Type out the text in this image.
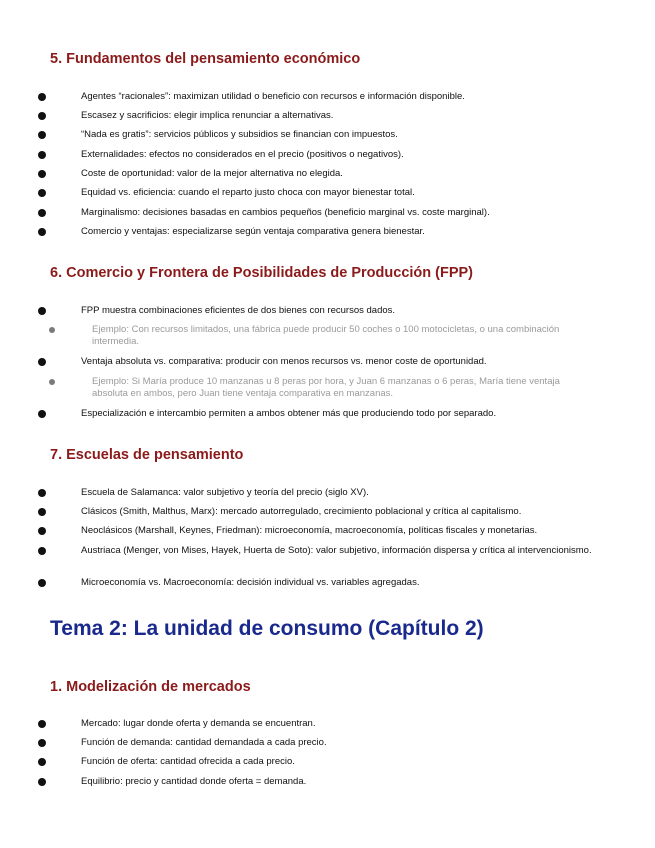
5. Fundamentos del pensamiento económico
Agentes “racionales”: maximizan utilidad o beneficio con recursos e información disponible.
Escasez y sacrificios: elegir implica renunciar a alternativas.
“Nada es gratis”: servicios públicos y subsidios se financian con impuestos.
Externalidades: efectos no considerados en el precio (positivos o negativos).
Coste de oportunidad: valor de la mejor alternativa no elegida.
Equidad vs. eficiencia: cuando el reparto justo choca con mayor bienestar total.
Marginalismo: decisiones basadas en cambios pequeños (beneficio marginal vs. coste marginal).
Comercio y ventajas: especializarse según ventaja comparativa genera bienestar.
6. Comercio y Frontera de Posibilidades de Producción (FPP)
FPP muestra combinaciones eficientes de dos bienes con recursos dados.
Ejemplo: Con recursos limitados, una fábrica puede producir 50 coches o 100 motocicletas, o una combinación intermedia.
Ventaja absoluta vs. comparativa: producir con menos recursos vs. menor coste de oportunidad.
Ejemplo: Si María produce 10 manzanas u 8 peras por hora, y Juan 6 manzanas o 6 peras, María tiene ventaja absoluta en ambos, pero Juan tiene ventaja comparativa en manzanas.
Especialización e intercambio permiten a ambos obtener más que produciendo todo por separado.
7. Escuelas de pensamiento
Escuela de Salamanca: valor subjetivo y teoría del precio (siglo XV).
Clásicos (Smith, Malthus, Marx): mercado autorregulado, crecimiento poblacional y crítica al capitalismo.
Neoclásicos (Marshall, Keynes, Friedman): microeconomía, macroeconomía, políticas fiscales y monetarias.
Austriaca (Menger, von Mises, Hayek, Huerta de Soto): valor subjetivo, información dispersa y crítica al intervencionismo.
Microeconomía vs. Macroeconomía: decisión individual vs. variables agregadas.
Tema 2: La unidad de consumo (Capítulo 2)
1. Modelización de mercados
Mercado: lugar donde oferta y demanda se encuentran.
Función de demanda: cantidad demandada a cada precio.
Función de oferta: cantidad ofrecida a cada precio.
Equilibrio: precio y cantidad donde oferta = demanda.
